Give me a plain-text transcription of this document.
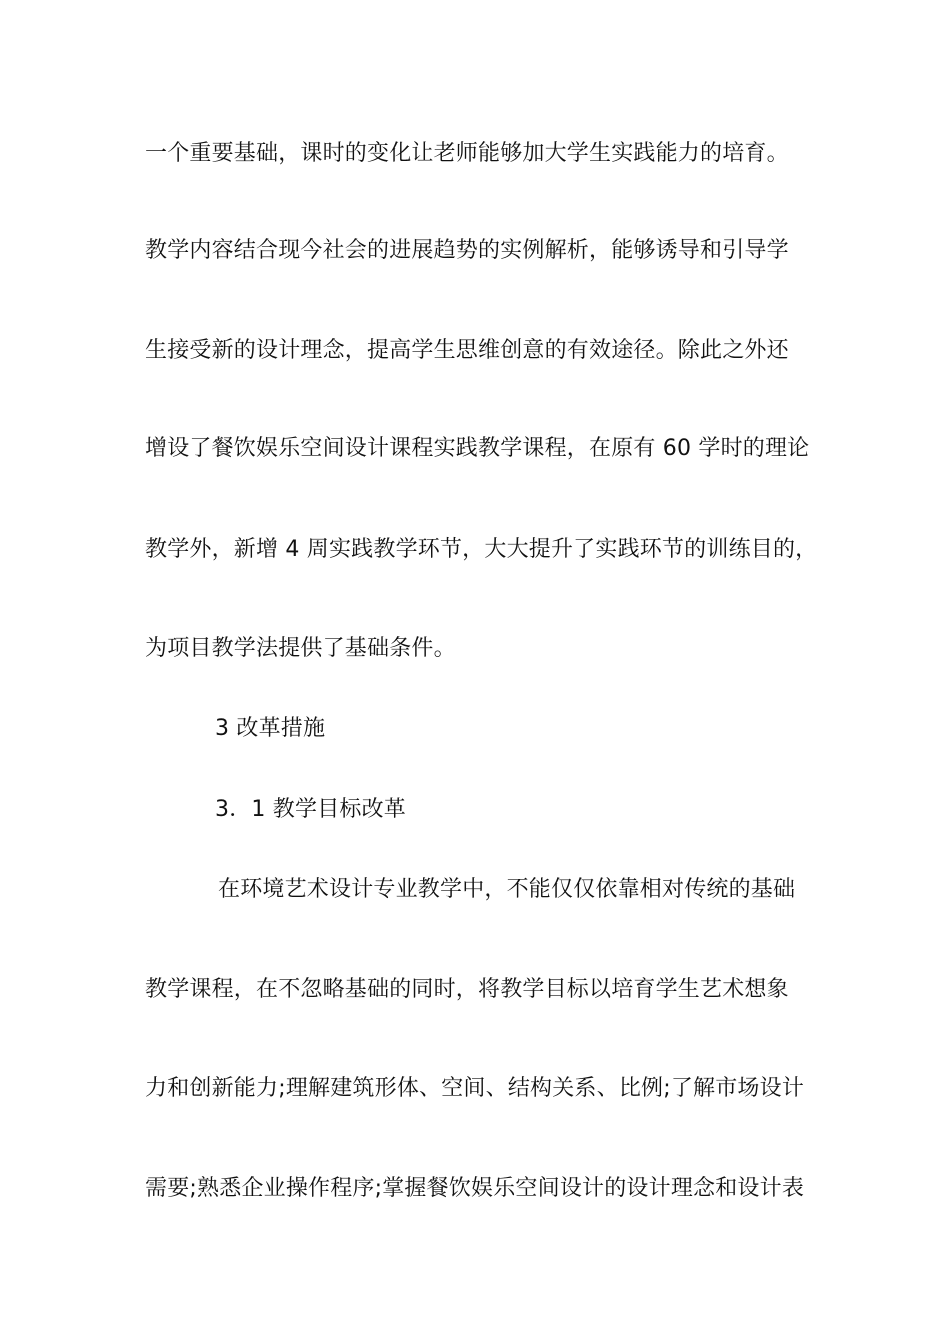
一个重要基础，课时的变化让老师能够加大学生实践能力的培育。
教学内容结合现今社会的进展趋势的实例解析，能够诱导和引导学
生接受新的设计理念，提高学生思维创意的有效途径。除此之外还
增设了餐饮娱乐空间设计课程实践教学课程，在原有 60 学时的理论
教学外，新增 4 周实践教学环节，大大提升了实践环节的训练目的，
为项目教学法提供了基础条件。
3 改革措施
3．1 教学目标改革
在环境艺术设计专业教学中，不能仅仅依靠相对传统的基础
教学课程，在不忽略基础的同时，将教学目标以培育学生艺术想象
力和创新能力;理解建筑形体、空间、结构关系、比例;了解市场设计
需要;熟悉企业操作程序;掌握餐饮娱乐空间设计的设计理念和设计表
